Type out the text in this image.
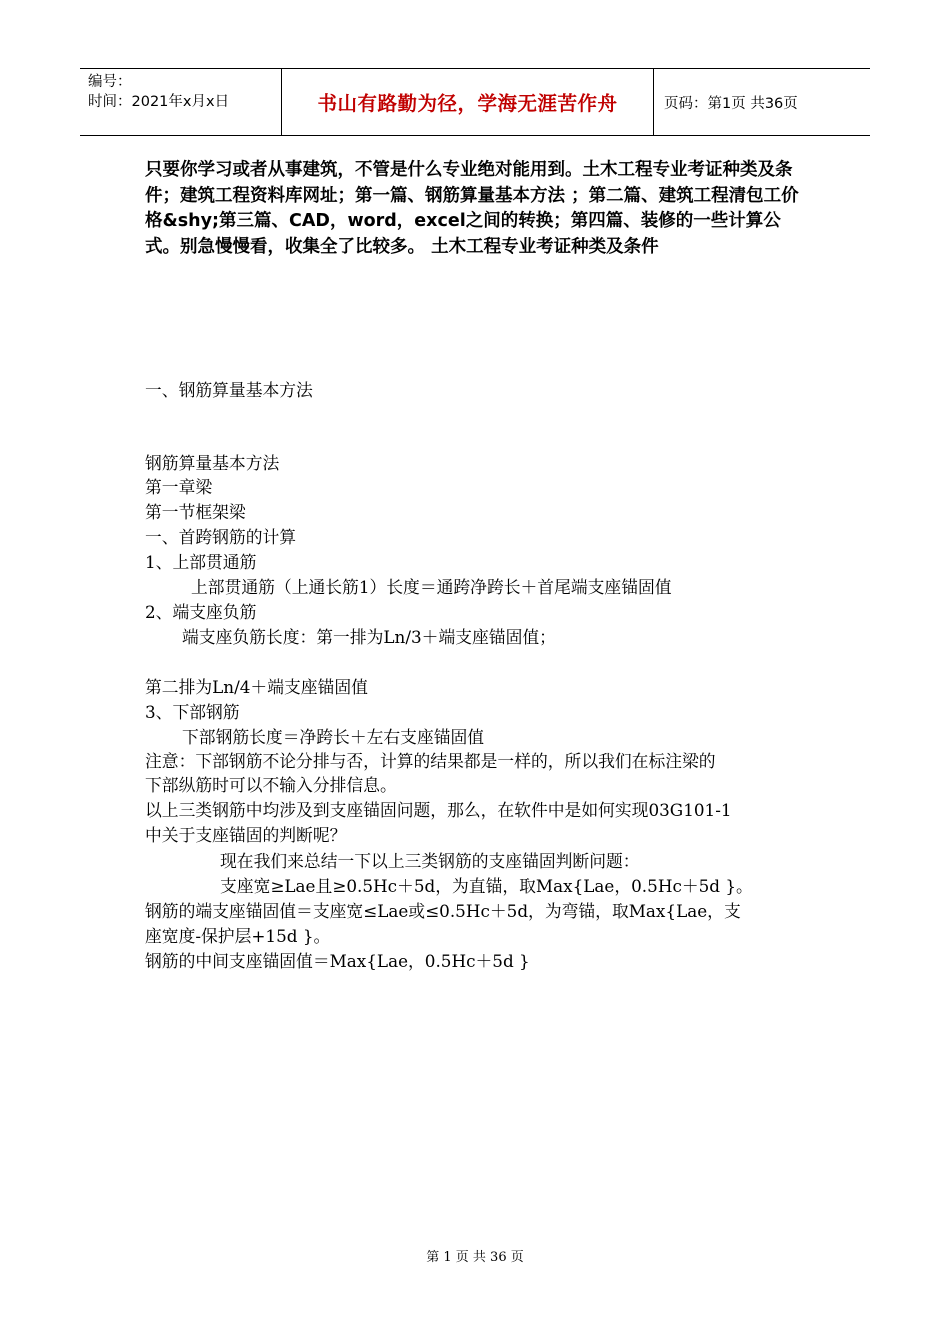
编号：
时间：2021年x月x日	书山有路勤为径，学海无涯苦作舟	页码：第1页 共36页
只要你学习或者从事建筑，不管是什么专业绝对能用到。土木工程专业考证种类及条件；建筑工程资料库网址；第一篇、钢筋算量基本方法 ；第二篇、建筑工程清包工价格&shy;第三篇、CAD，word，excel之间的转换；第四篇、装修的一些计算公式。别急慢慢看，收集全了比较多。 土木工程专业考证种类及条件
一、钢筋算量基本方法
钢筋算量基本方法
第一章梁
第一节框架梁
一、首跨钢筋的计算
1、上部贯通筋
上部贯通筋（上通长筋1）长度＝通跨净跨长＋首尾端支座锚固值
2、端支座负筋
端支座负筋长度：第一排为Ln/3＋端支座锚固值；
第二排为Ln/4＋端支座锚固值
3、下部钢筋
下部钢筋长度＝净跨长＋左右支座锚固值
注意：下部钢筋不论分排与否，计算的结果都是一样的，所以我们在标注梁的
下部纵筋时可以不输入分排信息。
以上三类钢筋中均涉及到支座锚固问题，那么，在软件中是如何实现03G101-1
中关于支座锚固的判断呢？
现在我们来总结一下以上三类钢筋的支座锚固判断问题：
支座宽≥Lae且≥0.5Hc＋5d，为直锚，取Max{Lae，0.5Hc＋5d }。
钢筋的端支座锚固值＝支座宽≤Lae或≤0.5Hc＋5d，为弯锚，取Max{Lae，支
座宽度-保护层+15d }。
钢筋的中间支座锚固值＝Max{Lae，0.5Hc＋5d }
第 1 页 共 36 页
